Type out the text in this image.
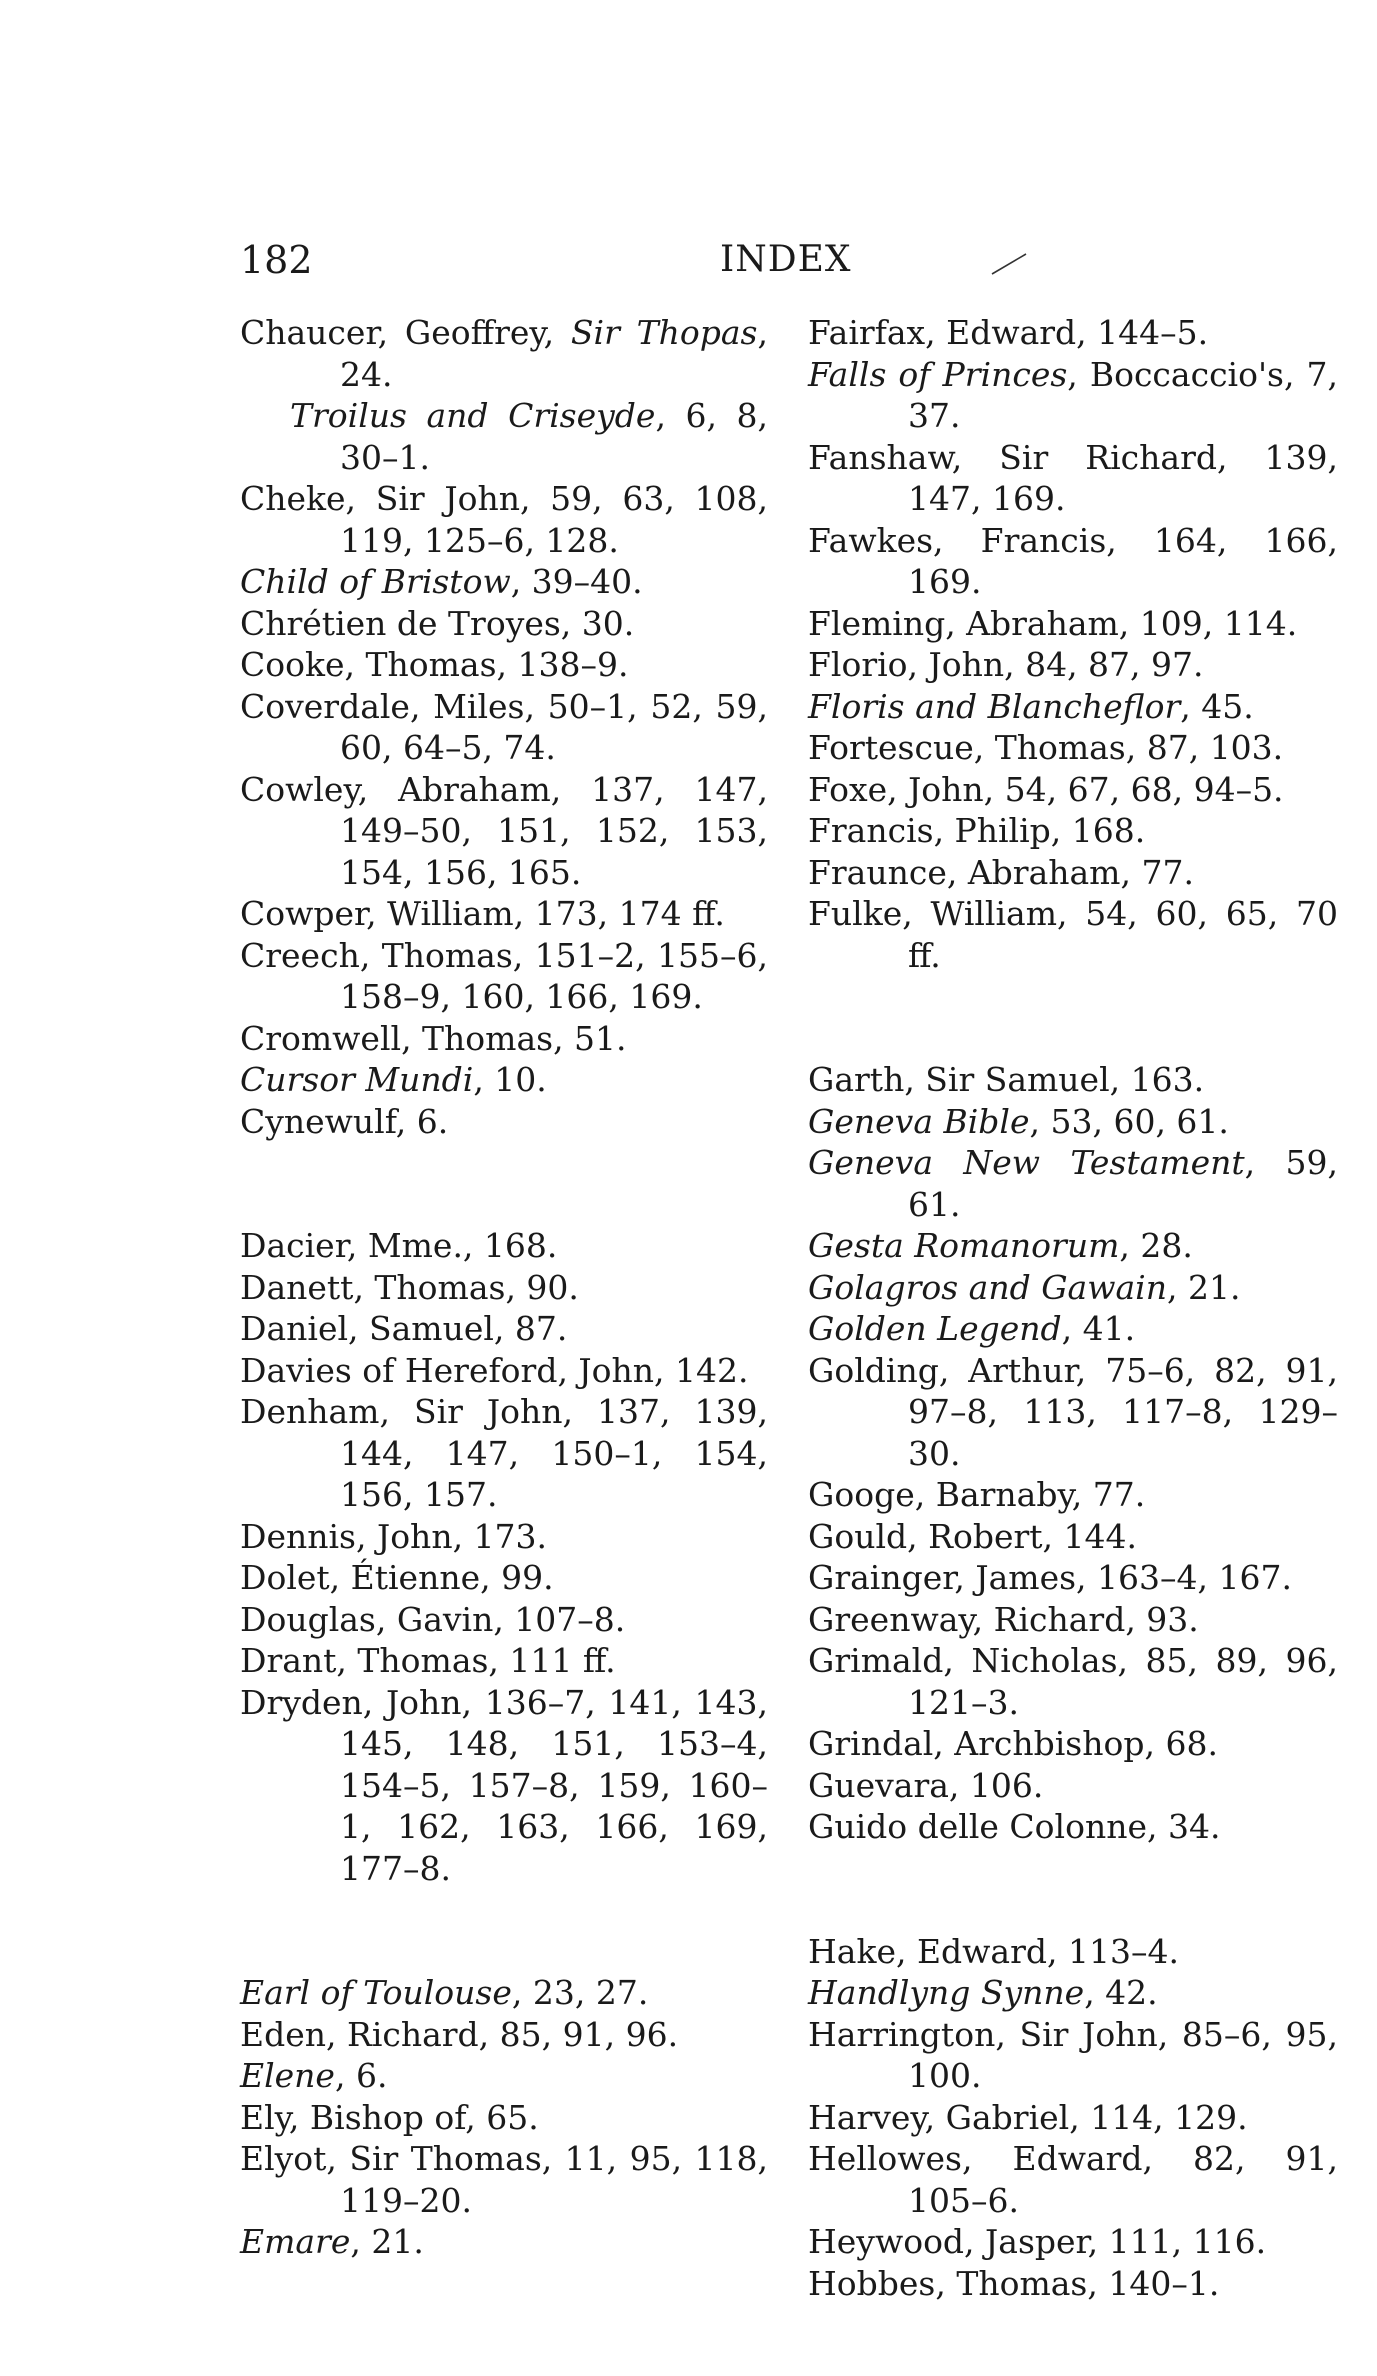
182	INDEX

Chaucer, Geoffrey, Sir Thopas, 24.

Troilus and Criseyde, 6, 8, 30–1.

Cheke, Sir John, 59, 63, 108, 119, 125–6, 128.

Child of Bristow, 39–40.

Chrétien de Troyes, 30.

Cooke, Thomas, 138–9.

Coverdale, Miles, 50–1, 52, 59, 60, 64–5, 74.

Cowley, Abraham, 137, 147, 149–50, 151, 152, 153, 154, 156, 165.

Cowper, William, 173, 174 ff.

Creech, Thomas, 151–2, 155–6, 158–9, 160, 166, 169.

Cromwell, Thomas, 51.

Cursor Mundi, 10.

Cynewulf, 6.

Dacier, Mme., 168.

Danett, Thomas, 90.

Daniel, Samuel, 87.

Davies of Hereford, John, 142.

Denham, Sir John, 137, 139, 144, 147, 150–1, 154, 156, 157.

Dennis, John, 173.

Dolet, Étienne, 99.

Douglas, Gavin, 107–8.

Drant, Thomas, 111 ff.

Dryden, John, 136–7, 141, 143, 145, 148, 151, 153–4, 154–5, 157–8, 159, 160–1, 162, 163, 166, 169, 177–8.

Earl of Toulouse, 23, 27.

Eden, Richard, 85, 91, 96.

Elene, 6.

Ely, Bishop of, 65.

Elyot, Sir Thomas, 11, 95, 118, 119–20.

Emare, 21.

Fairfax, Edward, 144–5.

Falls of Princes, Boccaccio's, 7, 37.

Fanshaw, Sir Richard, 139, 147, 169.

Fawkes, Francis, 164, 166, 169.

Fleming, Abraham, 109, 114.

Florio, John, 84, 87, 97.

Floris and Blancheflor, 45.

Fortescue, Thomas, 87, 103.

Foxe, John, 54, 67, 68, 94–5.

Francis, Philip, 168.

Fraunce, Abraham, 77.

Fulke, William, 54, 60, 65, 70 ff.

Garth, Sir Samuel, 163.

Geneva Bible, 53, 60, 61.

Geneva New Testament, 59, 61.

Gesta Romanorum, 28.

Golagros and Gawain, 21.

Golden Legend, 41.

Golding, Arthur, 75–6, 82, 91, 97–8, 113, 117–8, 129–30.

Googe, Barnaby, 77.

Gould, Robert, 144.

Grainger, James, 163–4, 167.

Greenway, Richard, 93.

Grimald, Nicholas, 85, 89, 96, 121–3.

Grindal, Archbishop, 68.

Guevara, 106.

Guido delle Colonne, 34.

Hake, Edward, 113–4.

Handlyng Synne, 42.

Harrington, Sir John, 85–6, 95, 100.

Harvey, Gabriel, 114, 129.

Hellowes, Edward, 82, 91, 105–6.

Heywood, Jasper, 111, 116.

Hobbes, Thomas, 140–1.
